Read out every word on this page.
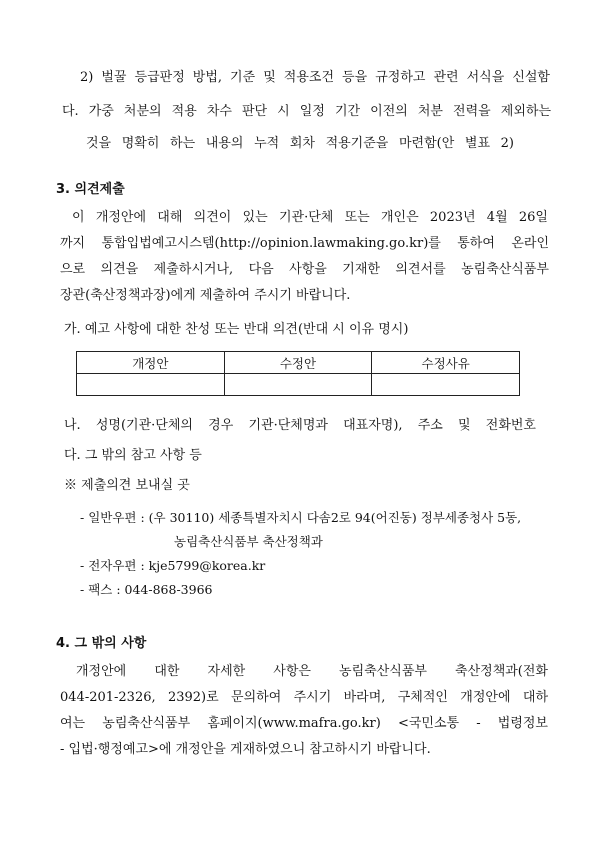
2) 벌꿀 등급판정 방법, 기준 및 적용조건 등을 규정하고 관련 서식을 신설함
다. 가중 처분의 적용 차수 판단 시 일정 기간 이전의 처분 전력을 제외하는
것을 명확히 하는 내용의 누적 회차 적용기준을 마련함(안 별표 2)
3. 의견제출
이 개정안에 대해 의견이 있는 기관·단체 또는 개인은 2023년 4월 26일
까지 통합입법예고시스템(http://opinion.lawmaking.go.kr)를 통하여 온라인
으로 의견을 제출하시거나, 다음 사항을 기재한 의견서를 농림축산식품부
장관(축산정책과장)에게 제출하여 주시기 바랍니다.
가. 예고 사항에 대한 찬성 또는 반대 의견(반대 시 이유 명시)
개정안	수정안	수정사유

나. 성명(기관·단체의 경우 기관·단체명과 대표자명), 주소 및 전화번호
다. 그 밖의 참고 사항 등
※ 제출의견 보내실 곳
- 일반우편 : (우 30110) 세종특별자치시 다솜2로 94(어진동) 정부세종청사 5동,
농림축산식품부 축산정책과
- 전자우편 : kje5799@korea.kr
- 팩스 : 044-868-3966
4. 그 밖의 사항
개정안에 대한 자세한 사항은 농림축산식품부 축산정책과(전화
044-201-2326, 2392)로 문의하여 주시기 바라며, 구체적인 개정안에 대하
여는 농림축산식품부 홈페이지(www.mafra.go.kr) <국민소통 - 법령정보
- 입법·행정예고>에 개정안을 게재하였으니 참고하시기 바랍니다.
